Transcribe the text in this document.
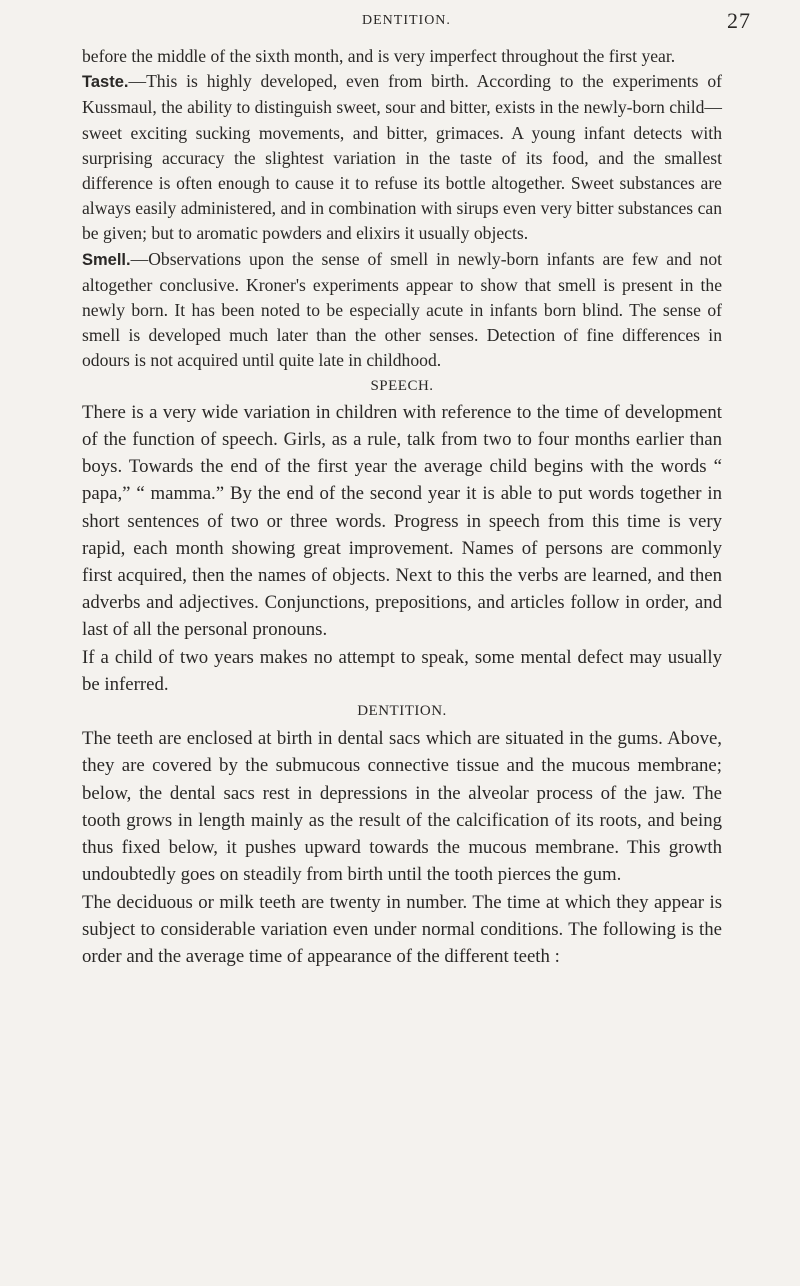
DENTITION.	27

before the middle of the sixth month, and is very imperfect throughout the first year.

Taste.—This is highly developed, even from birth. According to the experiments of Kussmaul, the ability to distinguish sweet, sour and bitter, exists in the newly-born child—sweet exciting sucking movements, and bitter, grimaces. A young infant detects with surprising accuracy the slightest variation in the taste of its food, and the smallest difference is often enough to cause it to refuse its bottle altogether. Sweet substances are always easily administered, and in combination with sirups even very bitter substances can be given; but to aromatic powders and elixirs it usually objects.

Smell.—Observations upon the sense of smell in newly-born infants are few and not altogether conclusive. Kroner's experiments appear to show that smell is present in the newly born. It has been noted to be especially acute in infants born blind. The sense of smell is developed much later than the other senses. Detection of fine differences in odours is not acquired until quite late in childhood.

SPEECH.

There is a very wide variation in children with reference to the time of development of the function of speech. Girls, as a rule, talk from two to four months earlier than boys. Towards the end of the first year the average child begins with the words “ papa,” “ mamma.” By the end of the second year it is able to put words together in short sentences of two or three words. Progress in speech from this time is very rapid, each month showing great improvement. Names of persons are commonly first acquired, then the names of objects. Next to this the verbs are learned, and then adverbs and adjectives. Conjunctions, prepositions, and articles follow in order, and last of all the personal pronouns.

If a child of two years makes no attempt to speak, some mental defect may usually be inferred.

DENTITION.

The teeth are enclosed at birth in dental sacs which are situated in the gums. Above, they are covered by the submucous connective tissue and the mucous membrane; below, the dental sacs rest in depressions in the alveolar process of the jaw. The tooth grows in length mainly as the result of the calcification of its roots, and being thus fixed below, it pushes upward towards the mucous membrane. This growth undoubtedly goes on steadily from birth until the tooth pierces the gum.

The deciduous or milk teeth are twenty in number. The time at which they appear is subject to considerable variation even under normal conditions. The following is the order and the average time of appearance of the different teeth :
